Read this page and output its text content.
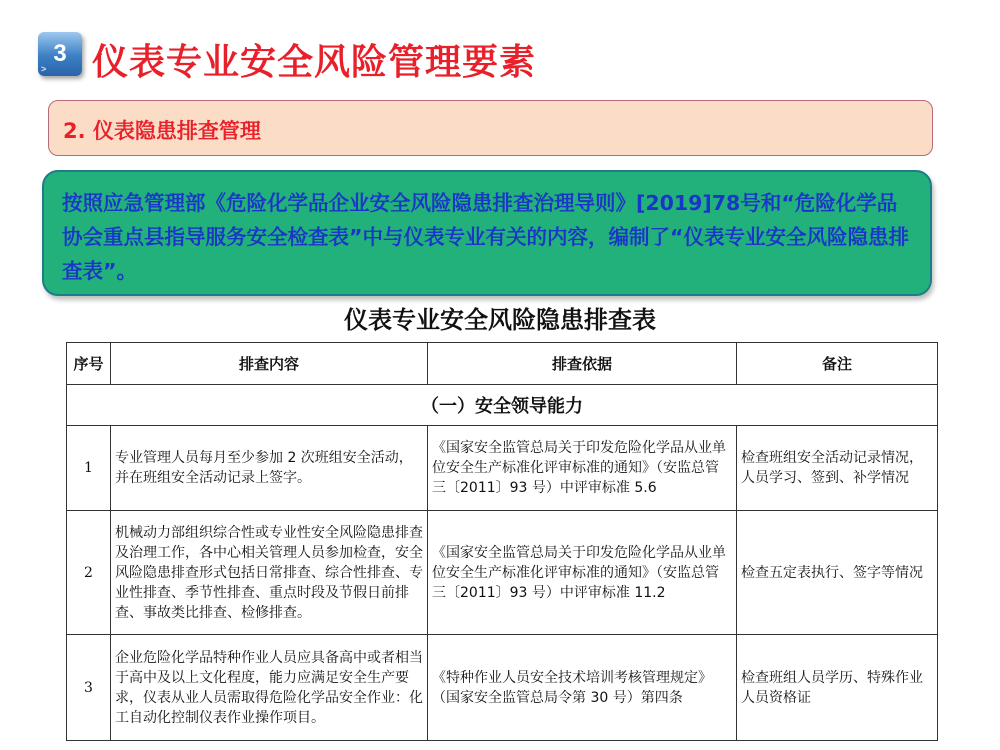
3
> 仪表专业安全风险管理要素
2. 仪表隐患排查管理

按照应急管理部《危险化学品企业安全风险隐患排查治理导则》[2019]78号和“危险化学品协会重点县指导服务安全检查表”中与仪表专业有关的内容，编制了“仪表专业安全风险隐患排查表”。

仪表专业安全风险隐患排查表
序号	排查内容	排查依据	备注
（一）安全领导能力			
1	专业管理人员每月至少参加 2 次班组安全活动，并在班组安全活动记录上签字。	《国家安全监管总局关于印发危险化学品从业单位安全生产标准化评审标准的通知》（安监总管三〔2011〕93 号）中评审标准 5.6	检查班组安全活动记录情况，人员学习、签到、补学情况
2	机械动力部组织综合性或专业性安全风险隐患排查及治理工作，各中心相关管理人员参加检查，安全风险隐患排查形式包括日常排查、综合性排查、专业性排查、季节性排查、重点时段及节假日前排查、事故类比排查、检修排查。	《国家安全监管总局关于印发危险化学品从业单位安全生产标准化评审标准的通知》（安监总管三〔2011〕93 号）中评审标准 11.2	检查五定表执行、签字等情况
3	企业危险化学品特种作业人员应具备高中或者相当于高中及以上文化程度，能力应满足安全生产要求，仪表从业人员需取得危险化学品安全作业：化工自动化控制仪表作业操作项目。	《特种作业人员安全技术培训考核管理规定》（国家安全监管总局令第 30 号）第四条	检查班组人员学历、特殊作业人员资格证
